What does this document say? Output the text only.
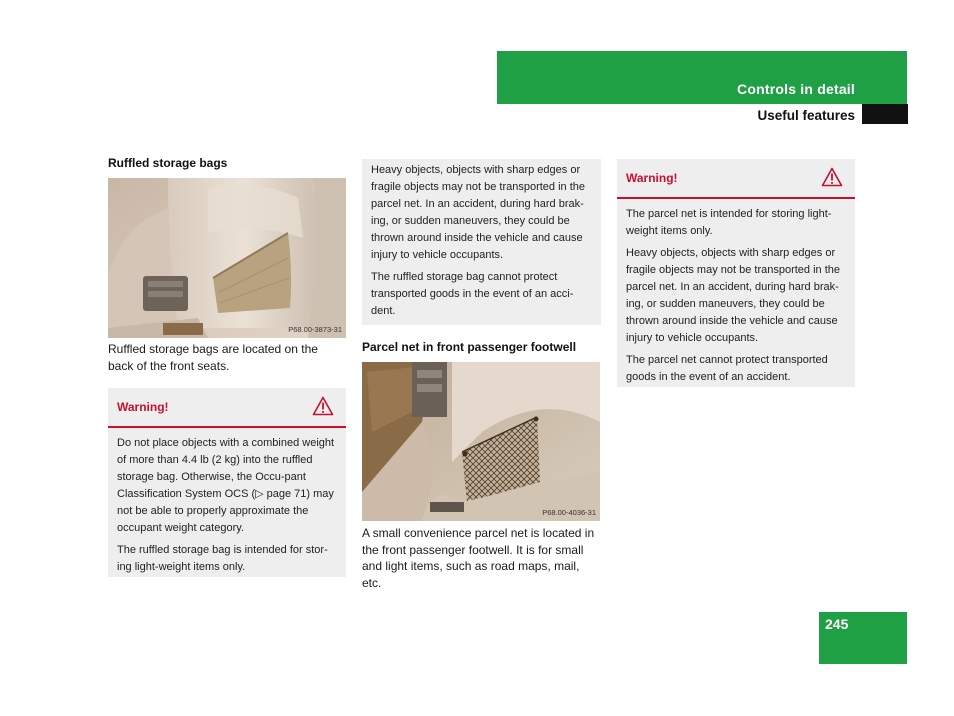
Controls in detail
Useful features
Ruffled storage bags
P68.00-3873-31
Ruffled storage bags are located on the back of the front seats.
Warning!

Do not place objects with a combined weight of more than 4.4 lb (2 kg) into the ruffled storage bag. Otherwise, the Occu-pant Classification System OCS (▷ page 71) may not be able to properly approximate the occupant weight category.

The ruffled storage bag is intended for stor-ing light-weight items only.

Heavy objects, objects with sharp edges or fragile objects may not be transported in the parcel net. In an accident, during hard brak-ing, or sudden maneuvers, they could be thrown around inside the vehicle and cause injury to vehicle occupants.

The ruffled storage bag cannot protect transported goods in the event of an acci-dent.

Parcel net in front passenger footwell
P68.00-4036-31
A small convenience parcel net is located in the front passenger footwell. It is for small and light items, such as road maps, mail, etc.
Warning!

The parcel net is intended for storing light-weight items only.

Heavy objects, objects with sharp edges or fragile objects may not be transported in the parcel net. In an accident, during hard brak-ing, or sudden maneuvers, they could be thrown around inside the vehicle and cause injury to vehicle occupants.

The parcel net cannot protect transported goods in the event of an accident.

245
